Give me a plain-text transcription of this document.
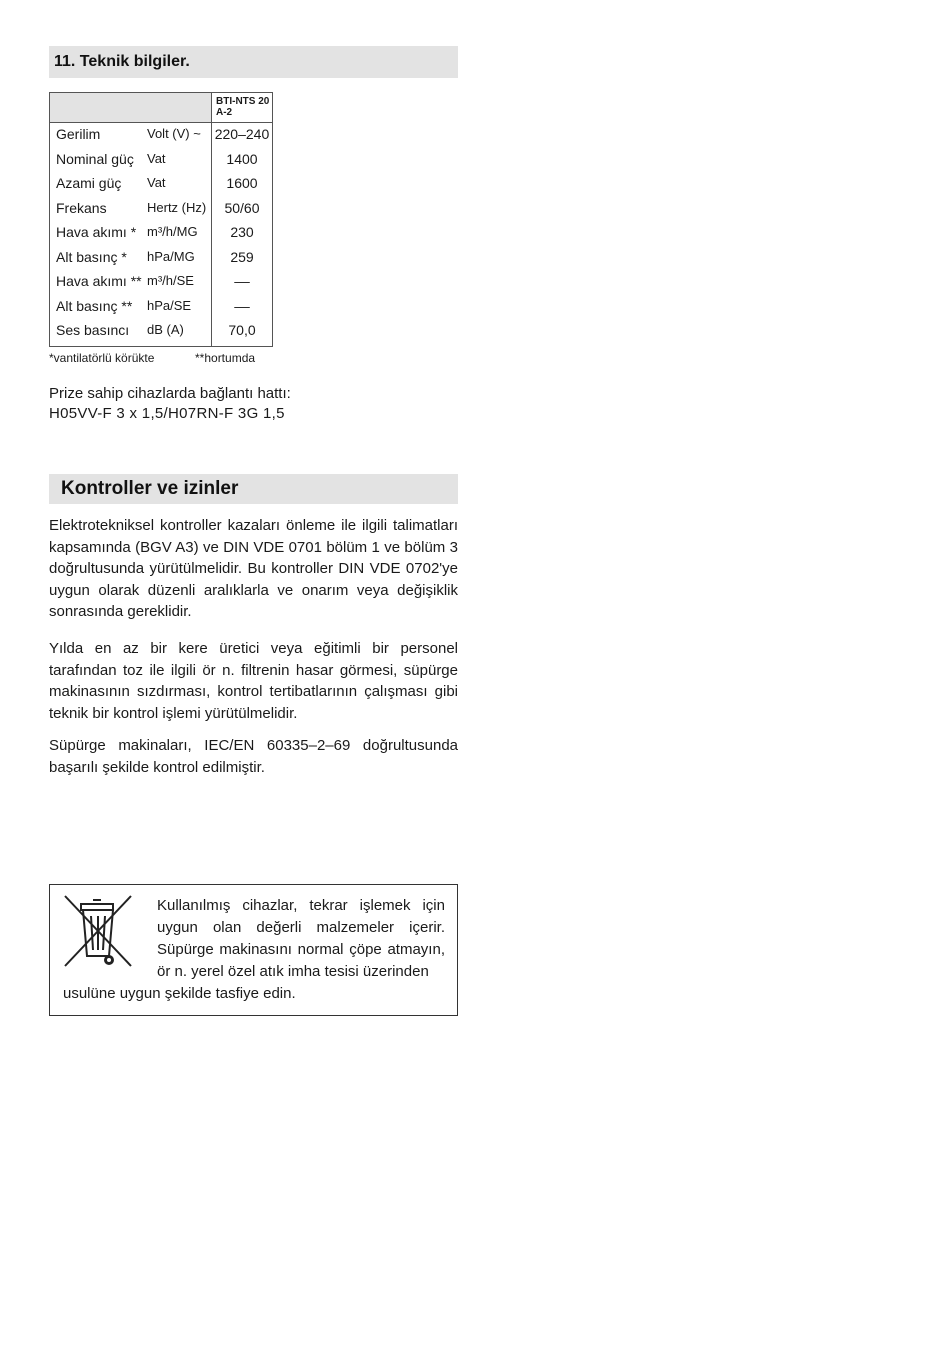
11. Teknik bilgiler.
BTI-NTS 20 A-2
Gerilim	Volt (V) ~ 220–240
Nominal güç Vat	1400
Azami güç Vat	1600
Frekans	Hertz (Hz)	50/60
Hava akımı * m³/h/MG	230
Alt basınç * hPa/MG	259
Hava akımı ** m³/h/SE	––
Alt basınç ** hPa/SE	––
Ses basıncı dB (A)	70,0
*vantilatörlü körükte	**hortumda
Prize sahip cihazlarda bağlantı hattı:
H05VV-F 3 x 1,5/H07RN-F 3G 1,5
Kontroller ve izinler

Elektrotekniksel kontroller kazaları önleme ile ilgili talimatları kapsamında (BGV A3) ve DIN VDE 0701 bölüm 1 ve bölüm 3 doğrultusunda yürütülmelidir. Bu kontroller DIN VDE 0702'ye uygun olarak düzenli aralıklarla ve onarım veya değişiklik sonrasında gereklidir.

Yılda en az bir kere üretici veya eğitimli bir personel tarafından toz ile ilgili ör n. filtrenin hasar görmesi, süpürge makinasının sızdırması, kontrol tertibatlarının çalışması gibi teknik bir kontrol işlemi yürütülmelidir.

Süpürge makinaları, IEC/EN 60335–2–69 doğrultusunda başarılı şekilde kontrol edilmiştir.

Kullanılmış cihazlar, tekrar işlemek için uygun olan değerli malzemeler içerir. Süpürge makinasını normal çöpe atmayın, ör n. yerel özel atık imha tesisi üzerinden

usulüne uygun şekilde tasfiye edin.
